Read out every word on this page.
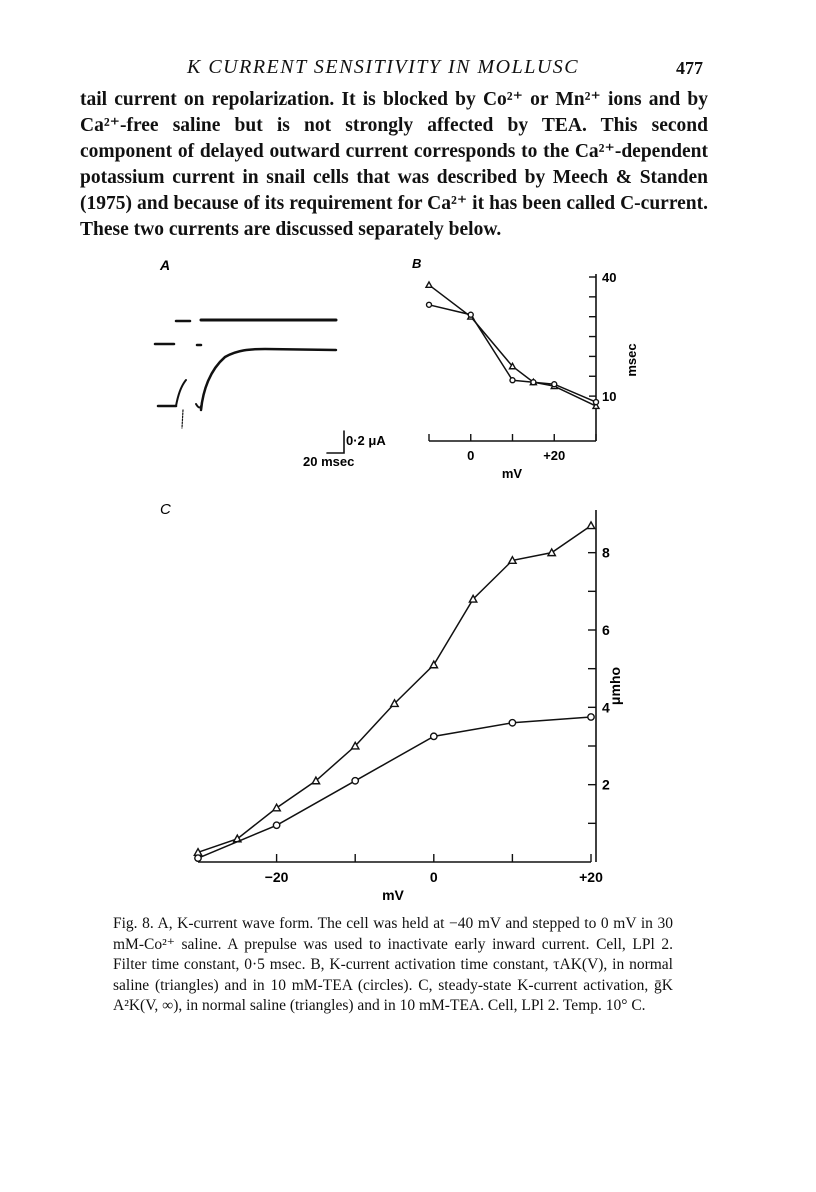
K CURRENT SENSITIVITY IN MOLLUSC	477

tail current on repolarization. It is blocked by Co²⁺ or Mn²⁺ ions and by Ca²⁺-free saline but is not strongly affected by TEA. This second component of delayed outward current corresponds to the Ca²⁺-dependent potassium current in snail cells that was described by Meech & Standen (1975) and because of its requirement for Ca²⁺ it has been called C-current. These two currents are discussed separately below.

A	B
C
0·2 μA
20 msec	0	+20
mV
40
10
msec
−20	0	+20
mV
2
4
6
8
μmho

Fig. 8. A, K-current wave form. The cell was held at −40 mV and stepped to 0 mV in 30 mM-Co²⁺ saline. A prepulse was used to inactivate early inward current. Cell, LPl 2. Filter time constant, 0·5 msec. B, K-current activation time constant, τAK(V), in normal saline (triangles) and in 10 mM-TEA (circles). C, steady-state K-current activation, ḡK A²K(V, ∞), in normal saline (triangles) and in 10 mM-TEA. Cell, LPl 2. Temp. 10° C.
